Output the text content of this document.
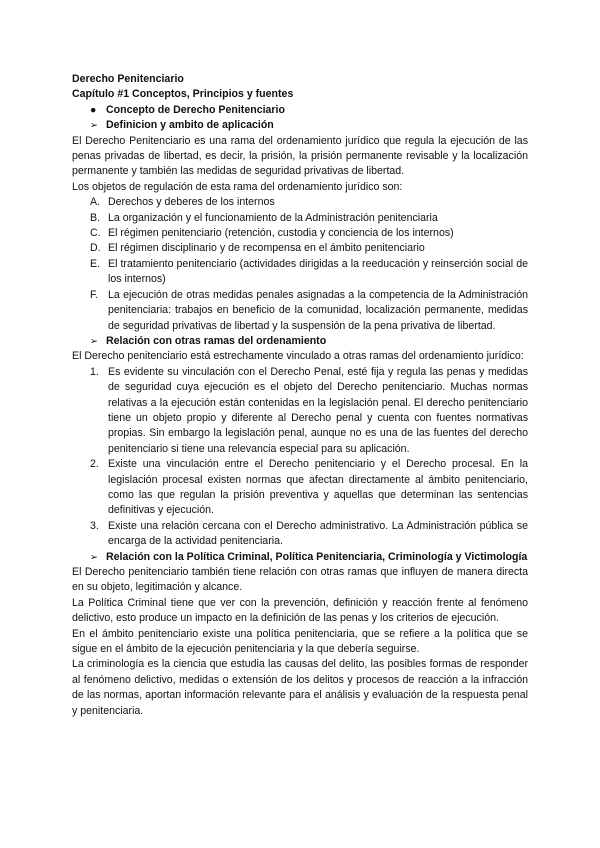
Derecho Penitenciario

Capítulo #1 Conceptos, Principios y fuentes

● Concepto de Derecho Penitenciario
➢ Definicion y ambito de aplicación

El Derecho Penitenciario es una rama del ordenamiento jurídico que regula la ejecución de las penas privadas de libertad, es decir, la prisión, la prisión permanente revisable y la localización permanente y también las medidas de seguridad privativas de libertad.

Los objetos de regulación de esta rama del ordenamiento jurídico son:

A. Derechos y deberes de los internos
B. La organización y el funcionamiento de la Administración penitenciaria
C. El régimen penitenciario (retención, custodia y conciencia de los internos)
D. El régimen disciplinario y de recompensa en el ámbito penitenciario
E. El tratamiento penitenciario (actividades dirigidas a la reeducación y reinserción social de los internos)
F. La ejecución de otras medidas penales asignadas a la competencia de la Administración penitenciaria: trabajos en beneficio de la comunidad, localización permanente, medidas de seguridad privativas de libertad y la suspensión de la pena privativa de libertad.
➢ Relación con otras ramas del ordenamiento

El Derecho penitenciario está estrechamente vinculado a otras ramas del ordenamiento jurídico:

1. Es evidente su vinculación con el Derecho Penal, esté fija y regula las penas y medidas de seguridad cuya ejecución es el objeto del Derecho penitenciario. Muchas normas relativas a la ejecución están contenidas en la legislación penal. El derecho penitenciario tiene un objeto propio y diferente al Derecho penal y cuenta con fuentes normativas propias. Sin embargo la legislación penal, aunque no es una de las fuentes del derecho penitenciario si tiene una relevancia especial para su aplicación.
2. Existe una vinculación entre el Derecho penitenciario y el Derecho procesal. En la legislación procesal existen normas que afectan directamente al ámbito penitenciario, como las que regulan la prisión preventiva y aquellas que determinan las sentencias definitivas y ejecución.
3. Existe una relación cercana con el Derecho administrativo. La Administración pública se encarga de la actividad penitenciaria.
➢ Relación con la Política Criminal, Política Penitenciaria, Criminología y Victimología

El Derecho penitenciario también tiene relación con otras ramas que influyen de manera directa en su objeto, legitimación y alcance.

La Política Criminal tiene que ver con la prevención, definición y reacción frente al fenómeno delictivo, esto produce un impacto en la definición de las penas y los criterios de ejecución.

En el ámbito penitenciario existe una política penitenciaria, que se refiere a la política que se sigue en el ámbito de la ejecución penitenciaria y la que debería seguirse.

La criminología es la ciencia que estudia las causas del delito, las posibles formas de responder al fenómeno delictivo, medidas o extensión de los delitos y procesos de reacción a la infracción de las normas, aportan información relevante para el análisis y evaluación de la respuesta penal y penitenciaria.
